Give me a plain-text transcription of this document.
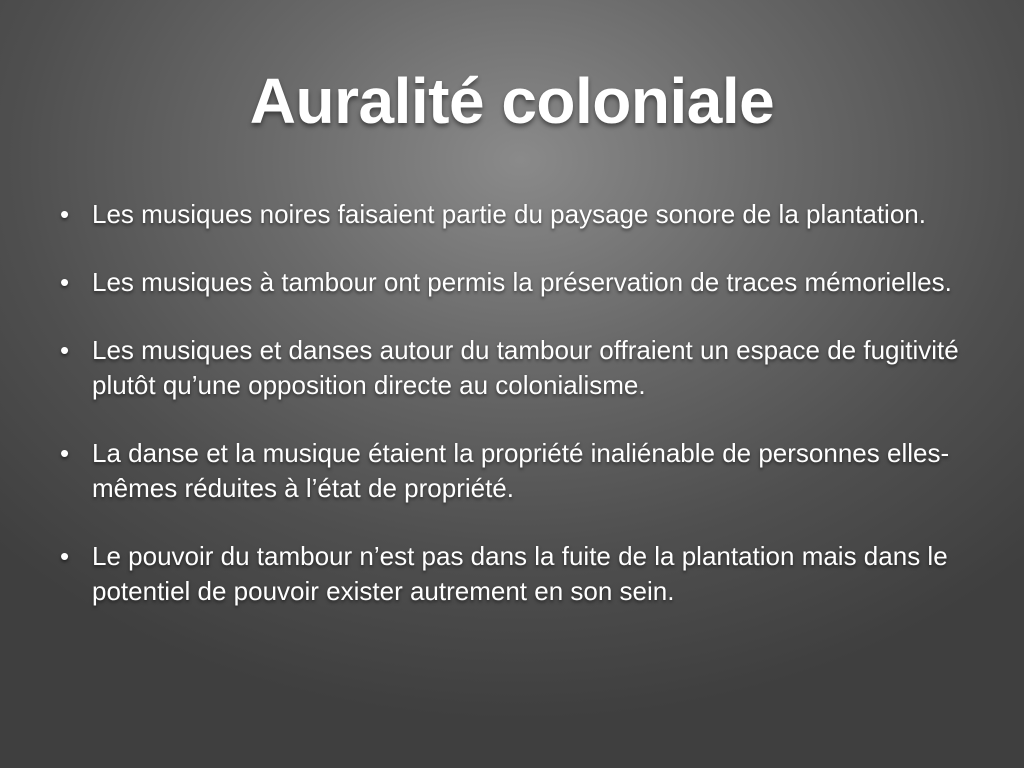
Auralité coloniale
• Les musiques noires faisaient partie du paysage sonore de la plantation.
• Les musiques à tambour ont permis la préservation de traces mémorielles.
• Les musiques et danses autour du tambour offraient un espace de fugitivité plutôt qu’une opposition directe au colonialisme.
• La danse et la musique étaient la propriété inaliénable de personnes elles-mêmes réduites à l’état de propriété.
• Le pouvoir du tambour n’est pas dans la fuite de la plantation mais dans le potentiel de pouvoir exister autrement en son sein.
